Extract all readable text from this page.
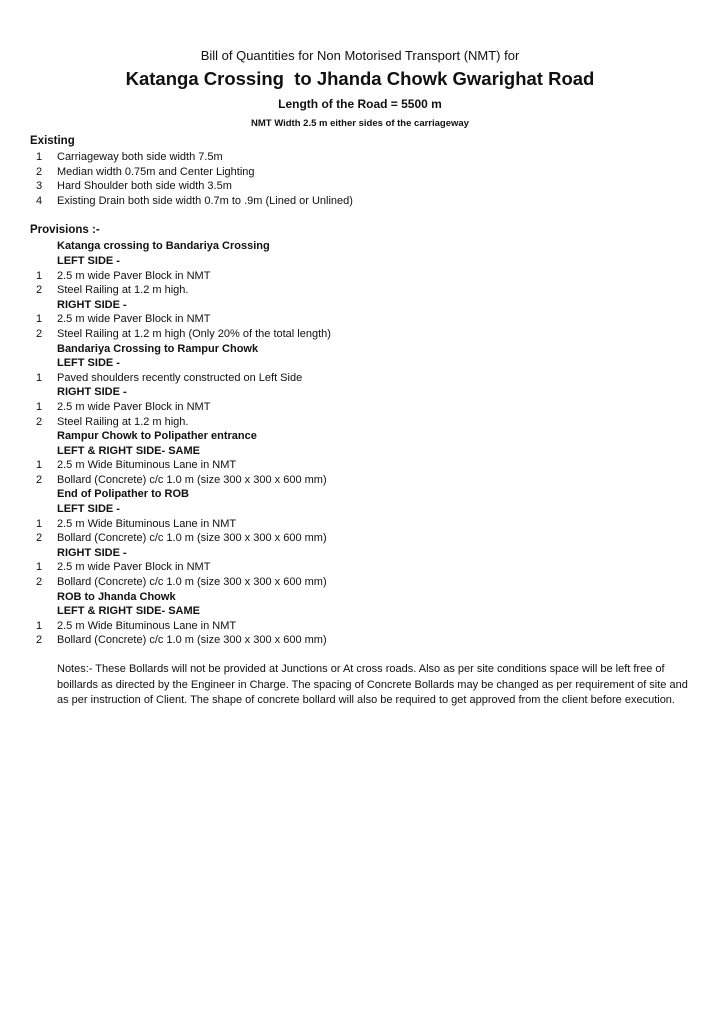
Bill of Quantities for Non Motorised Transport (NMT) for

Katanga Crossing  to Jhanda Chowk Gwarighat Road
Length of the Road = 5500 m
NMT Width 2.5 m either sides of the carriageway
Existing
1	Carriageway both side width 7.5m
2	Median width 0.75m and Center Lighting
3	Hard Shoulder both side width 3.5m
4	Existing Drain both side width 0.7m to .9m (Lined or Unlined)
Provisions :-
Katanga crossing to Bandariya Crossing
LEFT SIDE -
1	2.5 m wide Paver Block in NMT
2	Steel Railing at 1.2 m high.
RIGHT SIDE -
1	2.5 m wide Paver Block in NMT
2	Steel Railing at 1.2 m high (Only 20% of the total length)
Bandariya Crossing to Rampur Chowk
LEFT SIDE -
1	Paved shoulders recently constructed on Left Side
RIGHT SIDE -
1	2.5 m wide Paver Block in NMT
2	Steel Railing at 1.2 m high.
Rampur Chowk to Polipather entrance
LEFT & RIGHT SIDE- SAME
1	2.5 m Wide Bituminous Lane in NMT
2	Bollard (Concrete) c/c 1.0 m (size 300 x 300 x 600 mm)
End of Polipather to ROB
LEFT SIDE -
1	2.5 m Wide Bituminous Lane in NMT
2	Bollard (Concrete) c/c 1.0 m (size 300 x 300 x 600 mm)
RIGHT SIDE -
1	2.5 m wide Paver Block in NMT
2	Bollard (Concrete) c/c 1.0 m (size 300 x 300 x 600 mm)
ROB to Jhanda Chowk
LEFT & RIGHT SIDE- SAME
1	2.5 m Wide Bituminous Lane in NMT
2	Bollard (Concrete) c/c 1.0 m (size 300 x 300 x 600 mm)
Notes:- These Bollards will not be provided at Junctions or At cross roads. Also as per site conditions space will be left free of boillards as directed by the Engineer in Charge. The spacing of Concrete Bollards may be changed as per requirement of site and as per instruction of Client. The shape of concrete bollard will also be required to get approved from the client before execution.
